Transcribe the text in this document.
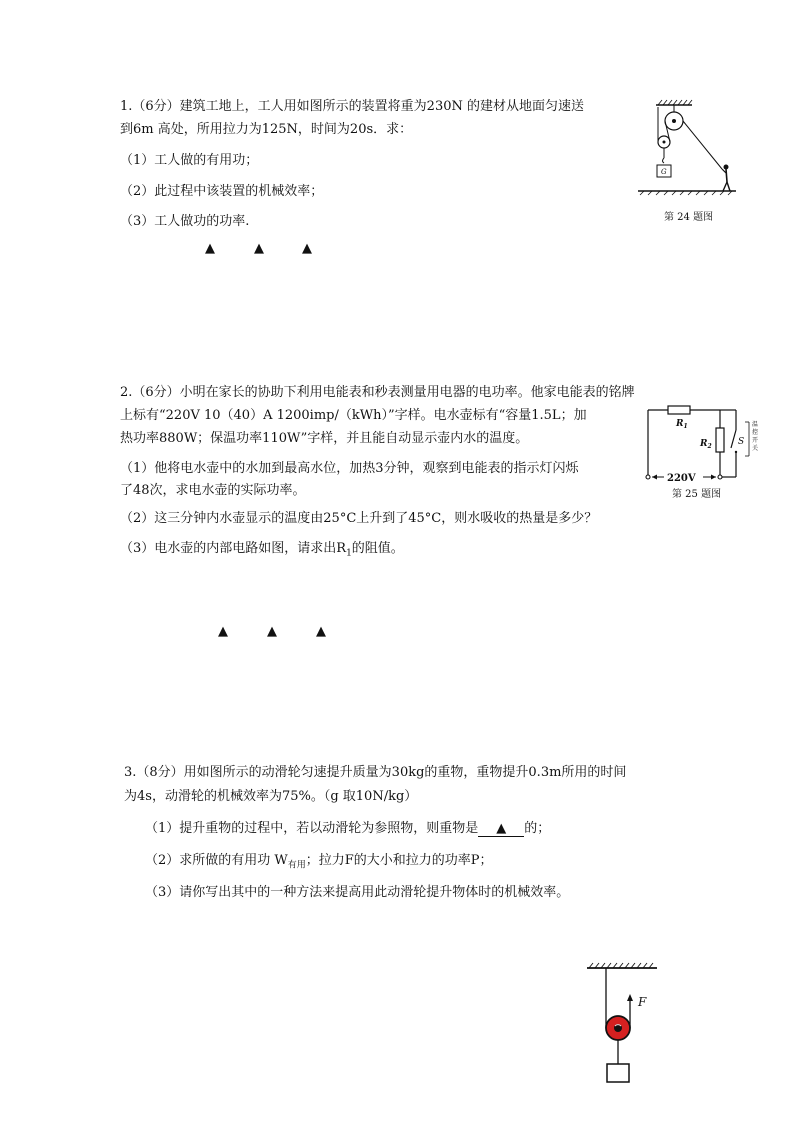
1.（6分）建筑工地上，工人用如图所示的装置将重为230N 的建材从地面匀速送
到6m 高处，所用拉力为125N，时间为20s．求：
（1）工人做的有用功；
（2）此过程中该装置的机械效率；
（3）工人做功的功率.
▲	▲	▲
G
第 24 题图
2.（6分）小明在家长的协助下利用电能表和秒表测量用电器的电功率。他家电能表的铭牌
上标有“220V 10（40）A 1200imp/（kWh）”字样。电水壶标有“容量1.5L；加
热功率880W；保温功率110W”字样，并且能自动显示壶内水的温度。
（1）他将电水壶中的水加到最高水位，加热3分钟，观察到电能表的指示灯闪烁
了48次，求电水壶的实际功率。
（2）这三分钟内水壶显示的温度由25°C上升到了45°C，则水吸收的热量是多少？
（3）电水壶的内部电路如图，请求出$R_1$的阻值。
▲	▲	▲
$R_1$
$R_2$	S
温 控 开 关
220V
第 25 题图
3.（8分）用如图所示的动滑轮匀速提升质量为30kg的重物，重物提升0.3m所用的时间
为4s，动滑轮的机械效率为75%。（g 取10N/kg）
（1）提升重物的过程中，若以动滑轮为参照物，则重物是 ▲ 的；
（2）求所做的有用功 $W_{有用}$；拉力F的大小和拉力的功率P；
（3）请你写出其中的一种方法来提高用此动滑轮提升物体时的机械效率。
F
